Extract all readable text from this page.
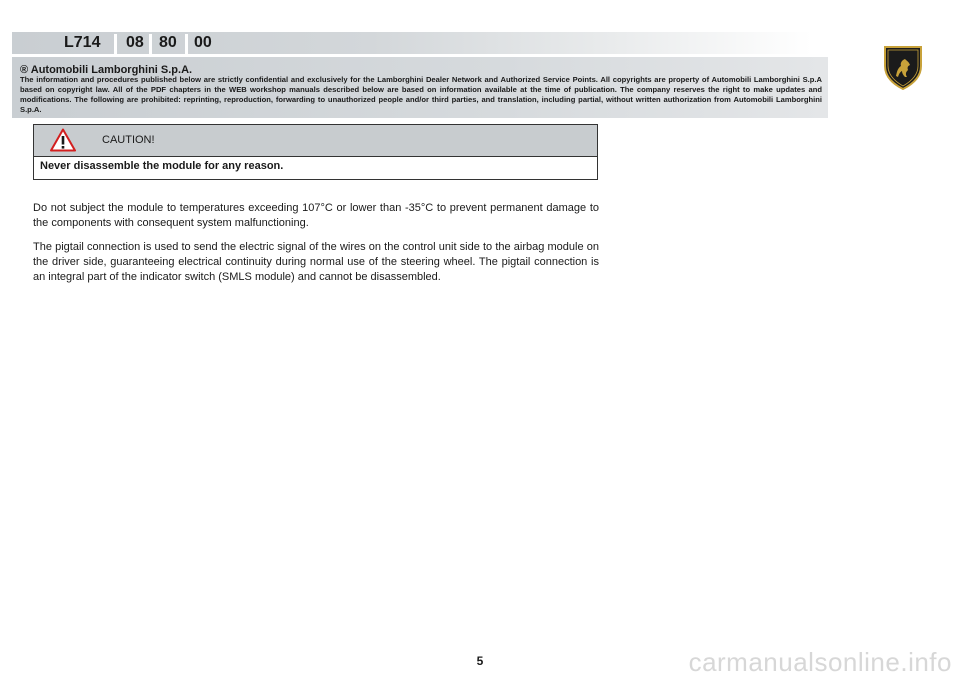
L714 08 80 00
® Automobili Lamborghini S.p.A.
The information and procedures published below are strictly confidential and exclusively for the Lamborghini Dealer Network and Authorized Service Points. All copyrights are property of Automobili Lamborghini S.p.A based on copyright law. All of the PDF chapters in the WEB workshop manuals described below are based on information available at the time of publication. The company reserves the right to make updates and modifications. The following are prohibited: reprinting, reproduction, forwarding to unauthorized people and/or third parties, and translation, including partial, without written authorization from Automobili Lamborghini S.p.A.
CAUTION!
Never disassemble the module for any reason.
Do not subject the module to temperatures exceeding 107°C or lower than -35°C to prevent permanent damage to the components with consequent system malfunctioning.
The pigtail connection is used to send the electric signal of the wires on the control unit side to the airbag module on the driver side, guaranteeing electrical continuity during normal use of the steering wheel. The pigtail connection is an integral part of the indicator switch (SMLS module) and cannot be disassembled.
5	carmanualsonline.info
